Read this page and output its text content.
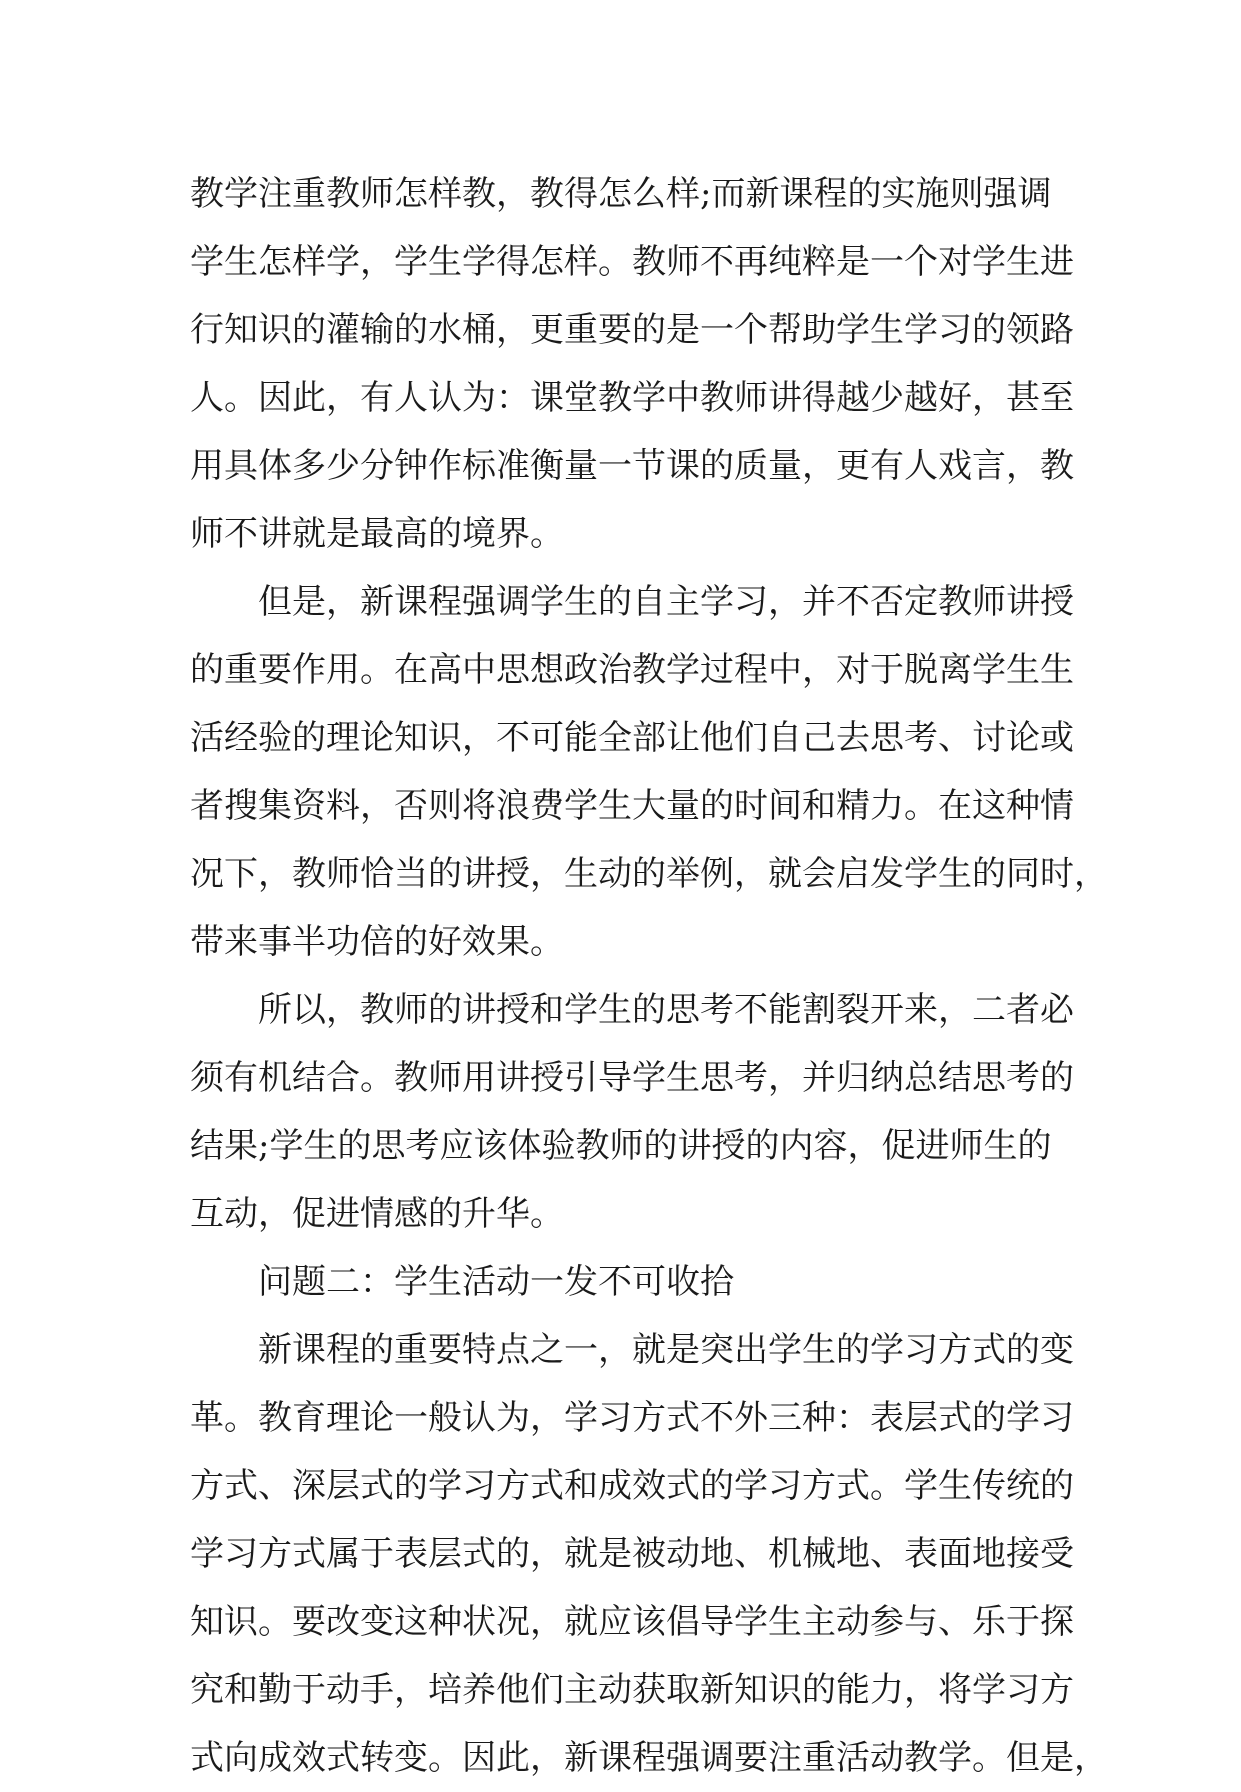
教学注重教师怎样教，教得怎么样;而新课程的实施则强调
学生怎样学，学生学得怎样。教师不再纯粹是一个对学生进
行知识的灌输的水桶，更重要的是一个帮助学生学习的领路
人。因此，有人认为：课堂教学中教师讲得越少越好，甚至
用具体多少分钟作标准衡量一节课的质量，更有人戏言，教
师不讲就是最高的境界。
但是，新课程强调学生的自主学习，并不否定教师讲授
的重要作用。在高中思想政治教学过程中，对于脱离学生生
活经验的理论知识，不可能全部让他们自己去思考、讨论或
者搜集资料，否则将浪费学生大量的时间和精力。在这种情
况下，教师恰当的讲授，生动的举例，就会启发学生的同时，
带来事半功倍的好效果。
所以，教师的讲授和学生的思考不能割裂开来，二者必
须有机结合。教师用讲授引导学生思考，并归纳总结思考的
结果;学生的思考应该体验教师的讲授的内容，促进师生的
互动，促进情感的升华。
问题二：学生活动一发不可收拾
新课程的重要特点之一，就是突出学生的学习方式的变
革。教育理论一般认为，学习方式不外三种：表层式的学习
方式、深层式的学习方式和成效式的学习方式。学生传统的
学习方式属于表层式的，就是被动地、机械地、表面地接受
知识。要改变这种状况，就应该倡导学生主动参与、乐于探
究和勤于动手，培养他们主动获取新知识的能力，将学习方
式向成效式转变。因此，新课程强调要注重活动教学。但是，
